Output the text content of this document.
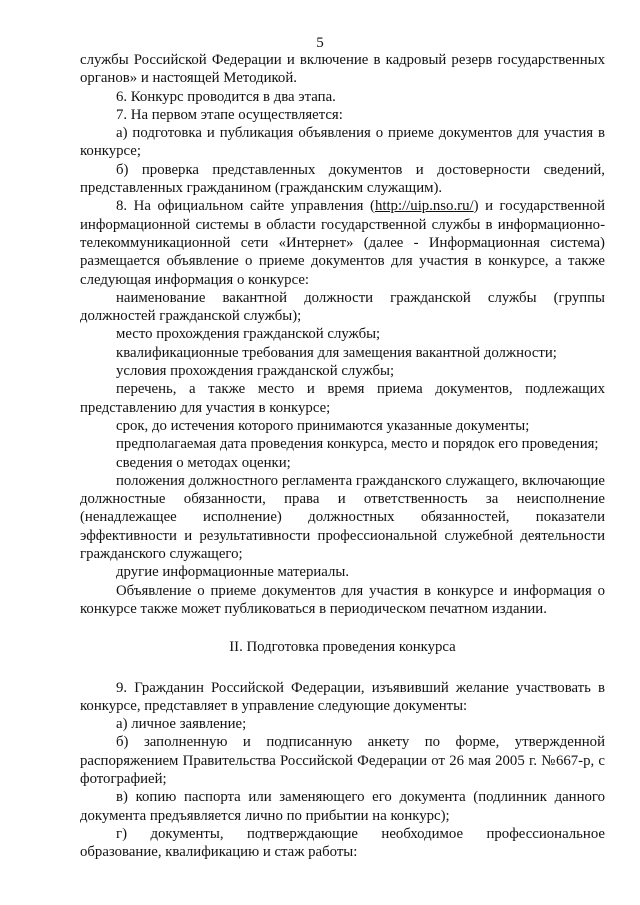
5

службы Российской Федерации и включение в кадровый резерв государственных органов» и настоящей Методикой.

6. Конкурс проводится в два этапа.

7. На первом этапе осуществляется:

а) подготовка и публикация объявления о приеме документов для участия в конкурсе;

б) проверка представленных документов и достоверности сведений, представленных гражданином (гражданским служащим).

8. На официальном сайте управления (http://uip.nso.ru/) и государственной информационной системы в области государственной службы в информационно-телекоммуникационной сети «Интернет» (далее - Информационная система) размещается объявление о приеме документов для участия в конкурсе, а также следующая информация о конкурсе:

наименование вакантной должности гражданской службы (группы должностей гражданской службы);

место прохождения гражданской службы;

квалификационные требования для замещения вакантной должности;

условия прохождения гражданской службы;

перечень, а также место и время приема документов, подлежащих представлению для участия в конкурсе;

срок, до истечения которого принимаются указанные документы;

предполагаемая дата проведения конкурса, место и порядок его проведения;

сведения о методах оценки;

положения должностного регламента гражданского служащего, включающие должностные обязанности, права и ответственность за неисполнение (ненадлежащее исполнение) должностных обязанностей, показатели эффективности и результативности профессиональной служебной деятельности гражданского служащего;

другие информационные материалы.

Объявление о приеме документов для участия в конкурсе и информация о конкурсе также может публиковаться в периодическом печатном издании.

II. Подготовка проведения конкурса

9. Гражданин Российской Федерации, изъявивший желание участвовать в конкурсе, представляет в управление следующие документы:

а) личное заявление;

б) заполненную и подписанную анкету по форме, утвержденной распоряжением Правительства Российской Федерации от 26 мая 2005 г. №667-р, с фотографией;

в) копию паспорта или заменяющего его документа (подлинник данного документа предъявляется лично по прибытии на конкурс);

г) документы, подтверждающие необходимое профессиональное образование, квалификацию и стаж работы:
